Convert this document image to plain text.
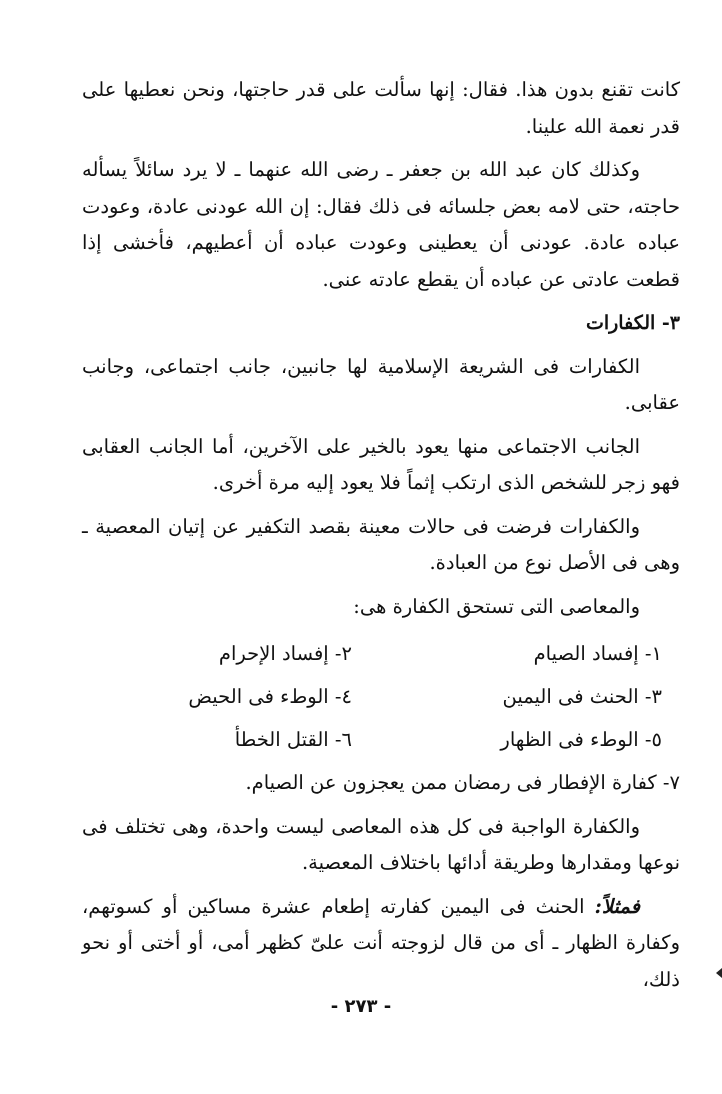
كانت تقنع بدون هذا. فقال: إنها سألت على قدر حاجتها، ونحن نعطيها على قدر نعمة الله علينا.

وكذلك كان عبد الله بن جعفر ـ رضى الله عنهما ـ لا يرد سائلاً يسأله حاجته، حتى لامه بعض جلسائه فى ذلك فقال: إن الله عودنى عادة، وعودت عباده عادة. عودنى أن يعطينى وعودت عباده أن أعطيهم، فأخشى إذا قطعت عادتى عن عباده أن يقطع عادته عنى.

٣- الكفارات

الكفارات فى الشريعة الإسلامية لها جانبين، جانب اجتماعى، وجانب عقابى.

الجانب الاجتماعى منها يعود بالخير على الآخرين، أما الجانب العقابى فهو زجر للشخص الذى ارتكب إثماً فلا يعود إليه مرة أخرى.

والكفارات فرضت فى حالات معينة بقصد التكفير عن إتيان المعصية ـ وهى فى الأصل نوع من العبادة.

والمعاصى التى تستحق الكفارة هى:

١- إفساد الصيام
٢- إفساد الإحرام
٣- الحنث فى اليمين
٤- الوطء فى الحيض
٥- الوطء فى الظهار
٦- القتل الخطأ

٧- كفارة الإفطار فى رمضان ممن يعجزون عن الصيام.

والكفارة الواجبة فى كل هذه المعاصى ليست واحدة، وهى تختلف فى نوعها ومقدارها وطريقة أدائها باختلاف المعصية.

فمثلاً: الحنث فى اليمين كفارته إطعام عشرة مساكين أو كسوتهم، وكفارة الظهار ـ أى من قال لزوجته أنت علىّ كظهر أمى، أو أختى أو نحو ذلك،

- ٢٧٣ -
